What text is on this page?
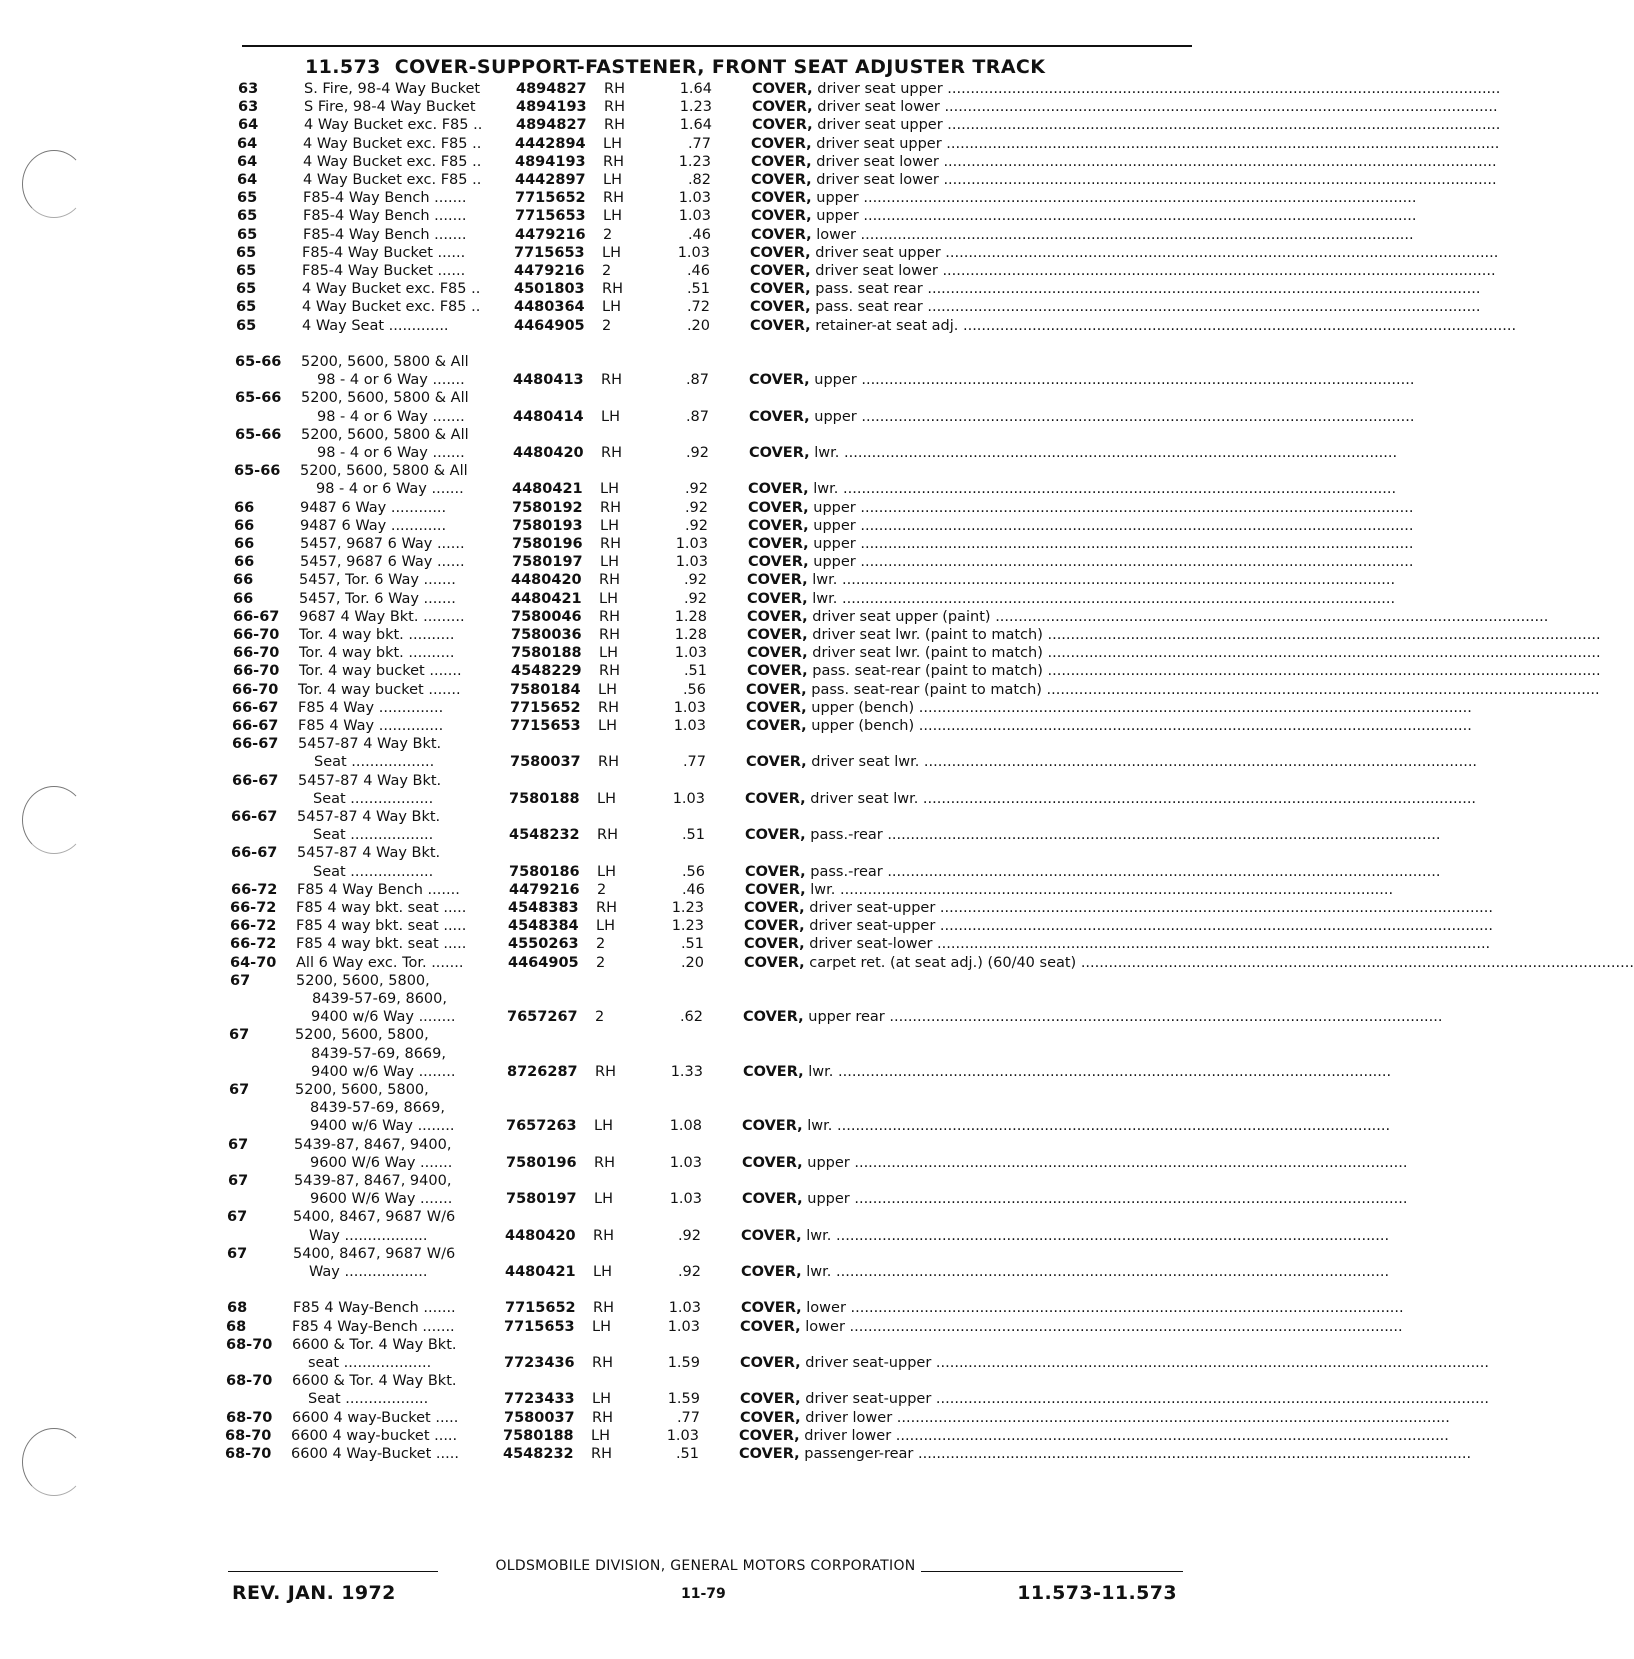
11.573 COVER-SUPPORT-FASTENER, FRONT SEAT ADJUSTER TRACK
63	S. Fire, 98-4 Way Bucket	4894827	RH	1.64	COVER, driver seat upper ........................................................................................................................
63	S Fire, 98-4 Way Bucket	4894193	RH	1.23	COVER, driver seat lower ........................................................................................................................
64	4 Way Bucket exc. F85 ..	4894827	RH	1.64	COVER, driver seat upper ........................................................................................................................
64	4 Way Bucket exc. F85 ..	4442894	LH	.77	COVER, driver seat upper ........................................................................................................................
64	4 Way Bucket exc. F85 ..	4894193	RH	1.23	COVER, driver seat lower ........................................................................................................................
64	4 Way Bucket exc. F85 ..	4442897	LH	.82	COVER, driver seat lower ........................................................................................................................
65	F85-4 Way Bench .......	7715652	RH	1.03	COVER, upper ........................................................................................................................
65	F85-4 Way Bench .......	7715653	LH	1.03	COVER, upper ........................................................................................................................
65	F85-4 Way Bench .......	4479216	2	.46	COVER, lower ........................................................................................................................
65	F85-4 Way Bucket ......	7715653	LH	1.03	COVER, driver seat upper ........................................................................................................................
65	F85-4 Way Bucket ......	4479216	2	.46	COVER, driver seat lower ........................................................................................................................
65	4 Way Bucket exc. F85 ..	4501803	RH	.51	COVER, pass. seat rear ........................................................................................................................
65	4 Way Bucket exc. F85 ..	4480364	LH	.72	COVER, pass. seat rear ........................................................................................................................
65	4 Way Seat .............	4464905	2	.20	COVER, retainer-at seat adj. ........................................................................................................................
65-66	5200, 5600, 5800 & All
98 - 4 or 6 Way .......	4480413	RH	.87	COVER, upper ........................................................................................................................
65-66	5200, 5600, 5800 & All
98 - 4 or 6 Way .......	4480414	LH	.87	COVER, upper ........................................................................................................................
65-66	5200, 5600, 5800 & All
98 - 4 or 6 Way .......	4480420	RH	.92	COVER, lwr. ........................................................................................................................
65-66	5200, 5600, 5800 & All
98 - 4 or 6 Way .......	4480421	LH	.92	COVER, lwr. ........................................................................................................................
66	9487 6 Way ............	7580192	RH	.92	COVER, upper ........................................................................................................................
66	9487 6 Way ............	7580193	LH	.92	COVER, upper ........................................................................................................................
66	5457, 9687 6 Way ......	7580196	RH	1.03	COVER, upper ........................................................................................................................
66	5457, 9687 6 Way ......	7580197	LH	1.03	COVER, upper ........................................................................................................................
66	5457, Tor. 6 Way .......	4480420	RH	.92	COVER, lwr. ........................................................................................................................
66	5457, Tor. 6 Way .......	4480421	LH	.92	COVER, lwr. ........................................................................................................................
66-67	9687 4 Way Bkt. .........	7580046	RH	1.28	COVER, driver seat upper (paint) ........................................................................................................................
66-70	Tor. 4 way bkt. ..........	7580036	RH	1.28	COVER, driver seat lwr. (paint to match) ........................................................................................................................
66-70	Tor. 4 way bkt. ..........	7580188	LH	1.03	COVER, driver seat lwr. (paint to match) ........................................................................................................................
66-70	Tor. 4 way bucket .......	4548229	RH	.51	COVER, pass. seat-rear (paint to match) ........................................................................................................................
66-70	Tor. 4 way bucket .......	7580184	LH	.56	COVER, pass. seat-rear (paint to match) ........................................................................................................................
66-67	F85 4 Way ..............	7715652	RH	1.03	COVER, upper (bench) ........................................................................................................................
66-67	F85 4 Way ..............	7715653	LH	1.03	COVER, upper (bench) ........................................................................................................................
66-67	5457-87 4 Way Bkt.
Seat ..................	7580037	RH	.77	COVER, driver seat lwr. ........................................................................................................................
66-67	5457-87 4 Way Bkt.
Seat ..................	7580188	LH	1.03	COVER, driver seat lwr. ........................................................................................................................
66-67	5457-87 4 Way Bkt.
Seat ..................	4548232	RH	.51	COVER, pass.-rear ........................................................................................................................
66-67	5457-87 4 Way Bkt.
Seat ..................	7580186	LH	.56	COVER, pass.-rear ........................................................................................................................
66-72	F85 4 Way Bench .......	4479216	2	.46	COVER, lwr. ........................................................................................................................
66-72	F85 4 way bkt. seat .....	4548383	RH	1.23	COVER, driver seat-upper ........................................................................................................................
66-72	F85 4 way bkt. seat .....	4548384	LH	1.23	COVER, driver seat-upper ........................................................................................................................
66-72	F85 4 way bkt. seat .....	4550263	2	.51	COVER, driver seat-lower ........................................................................................................................
64-70	All 6 Way exc. Tor. .......	4464905	2	.20	COVER, carpet ret. (at seat adj.) (60/40 seat) ........................................................................................................................
67	5200, 5600, 5800,
8439-57-69, 8600,
9400 w/6 Way ........	7657267	2	.62	COVER, upper rear ........................................................................................................................
67	5200, 5600, 5800,
8439-57-69, 8669,
9400 w/6 Way ........	8726287	RH	1.33	COVER, lwr. ........................................................................................................................
67	5200, 5600, 5800,
8439-57-69, 8669,
9400 w/6 Way ........	7657263	LH	1.08	COVER, lwr. ........................................................................................................................
67	5439-87, 8467, 9400,
9600 W/6 Way .......	7580196	RH	1.03	COVER, upper ........................................................................................................................
67	5439-87, 8467, 9400,
9600 W/6 Way .......	7580197	LH	1.03	COVER, upper ........................................................................................................................
67	5400, 8467, 9687 W/6
Way ..................	4480420	RH	.92	COVER, lwr. ........................................................................................................................
67	5400, 8467, 9687 W/6
Way ..................	4480421	LH	.92	COVER, lwr. ........................................................................................................................
68	F85 4 Way-Bench .......	7715652	RH	1.03	COVER, lower ........................................................................................................................
68	F85 4 Way-Bench .......	7715653	LH	1.03	COVER, lower ........................................................................................................................
68-70	6600 & Tor. 4 Way Bkt.
seat ...................	7723436	RH	1.59	COVER, driver seat-upper ........................................................................................................................
68-70	6600 & Tor. 4 Way Bkt.
Seat ..................	7723433	LH	1.59	COVER, driver seat-upper ........................................................................................................................
68-70	6600 4 way-Bucket .....	7580037	RH	.77	COVER, driver lower ........................................................................................................................
68-70	6600 4 way-bucket .....	7580188	LH	1.03	COVER, driver lower ........................................................................................................................
68-70	6600 4 Way-Bucket .....	4548232	RH	.51	COVER, passenger-rear ........................................................................................................................
OLDSMOBILE DIVISION, GENERAL MOTORS CORPORATION
REV. JAN. 1972	11-79	11.573-11.573
